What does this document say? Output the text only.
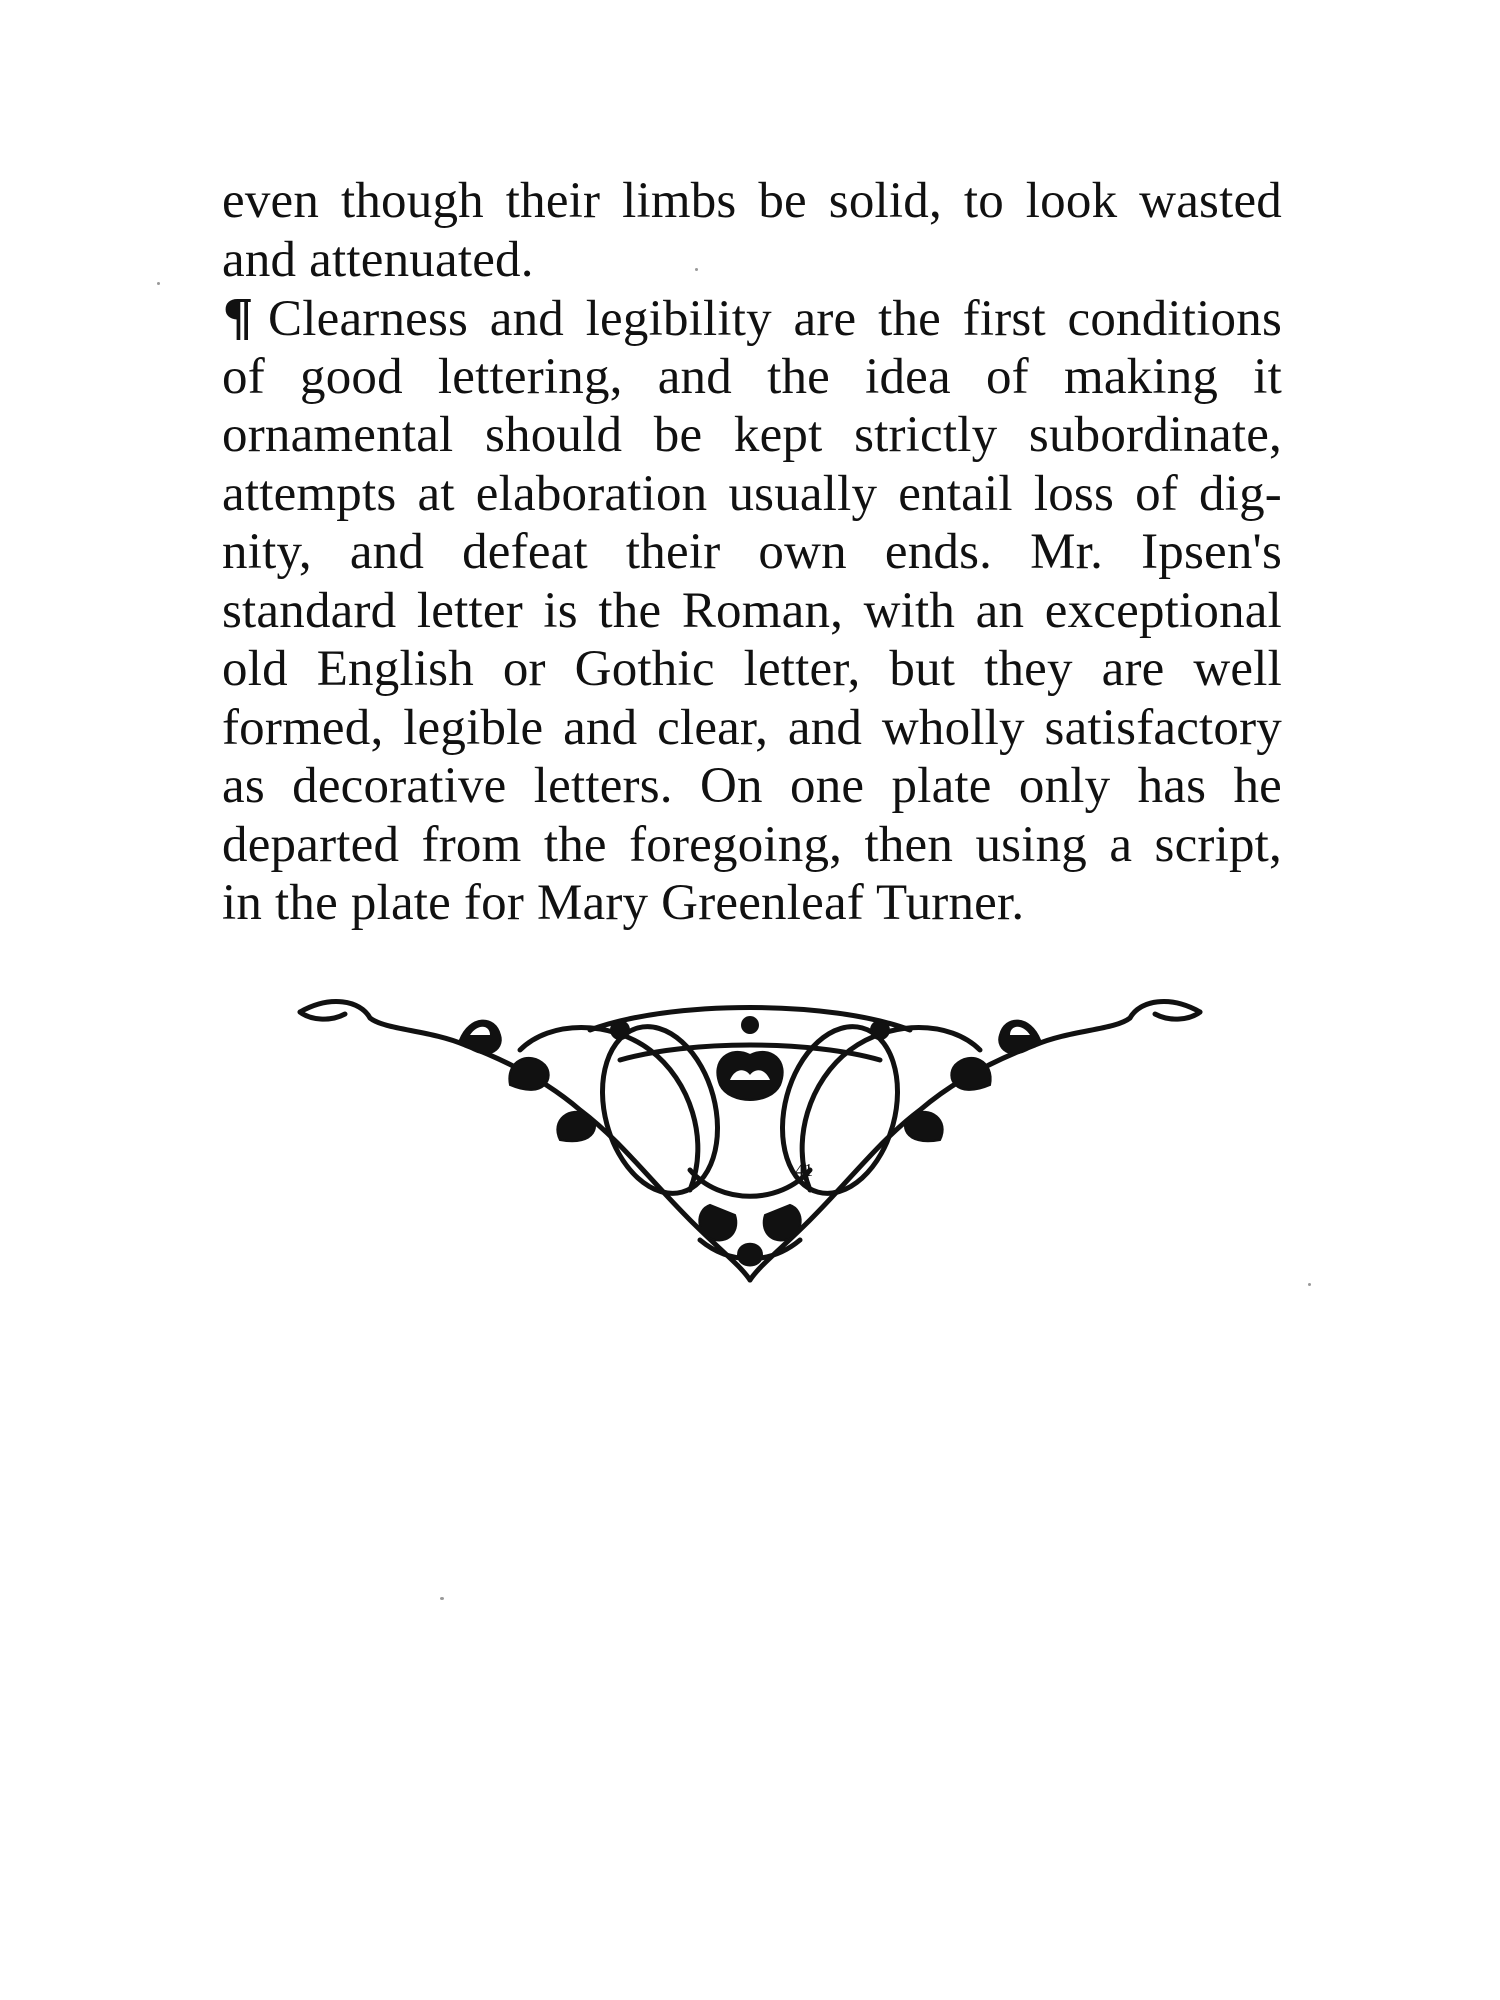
even though their limbs be solid, to look wasted
and attenuated.
¶ Clearness and legibility are the first conditions
of good lettering, and the idea of making it
ornamental should be kept strictly subordinate,
attempts at elaboration usually entail loss of dig-
nity, and defeat their own ends. Mr. Ipsen's
standard letter is the Roman, with an exceptional
old English or Gothic letter, but they are well
formed, legible and clear, and wholly satisfactory
as decorative letters. On one plate only has he
departed from the foregoing, then using a script,
in the plate for Mary Greenleaf Turner.
41
